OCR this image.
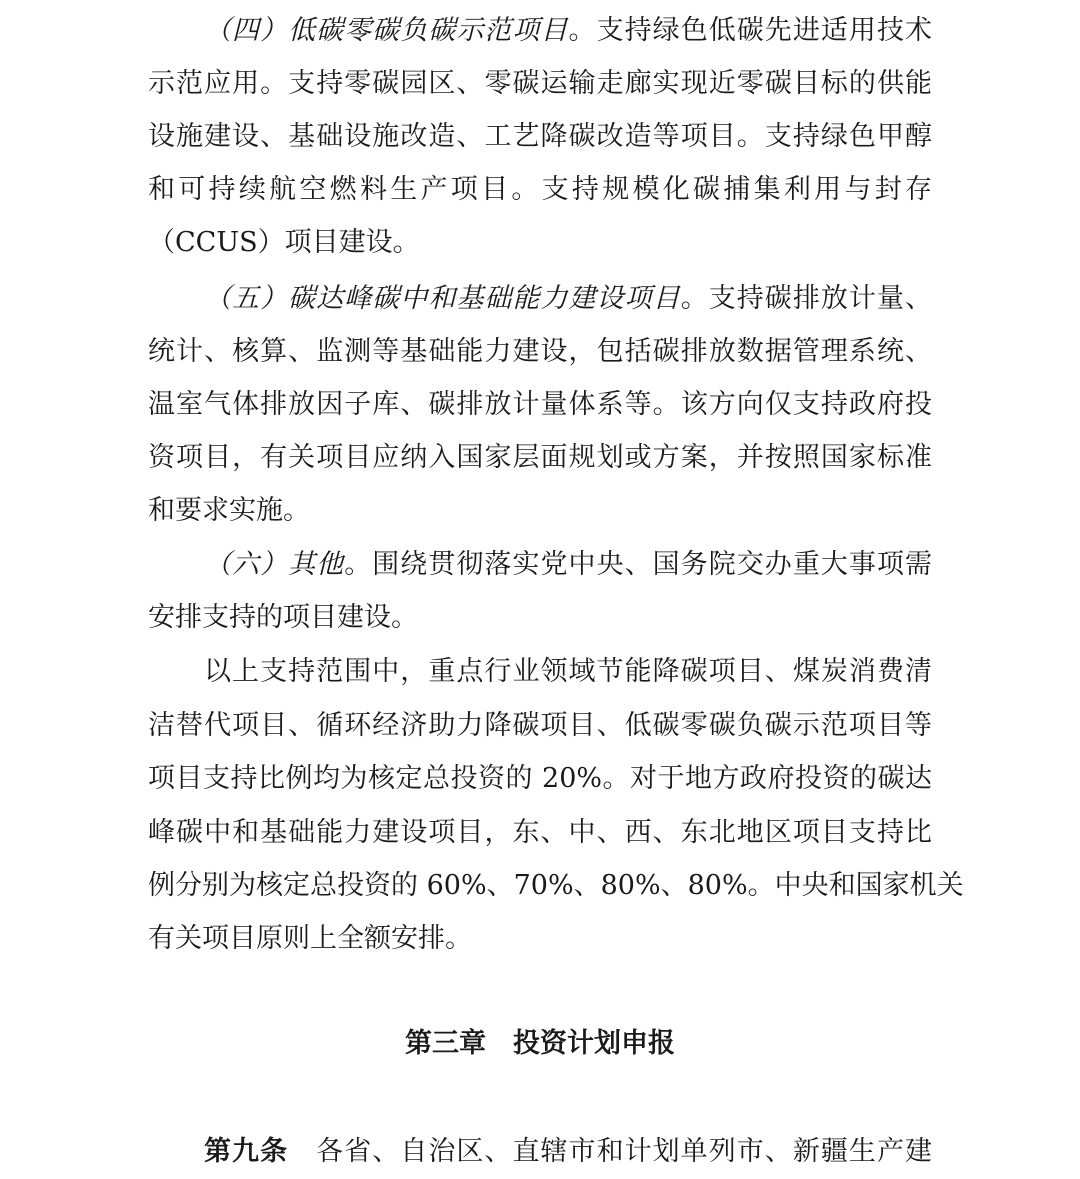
（四）低碳零碳负碳示范项目。支持绿色低碳先进适用技术
示范应用。支持零碳园区、零碳运输走廊实现近零碳目标的供能
设施建设、基础设施改造、工艺降碳改造等项目。支持绿色甲醇
和可持续航空燃料生产项目。支持规模化碳捕集利用与封存
（CCUS）项目建设。
（五）碳达峰碳中和基础能力建设项目。支持碳排放计量、
统计、核算、监测等基础能力建设，包括碳排放数据管理系统、
温室气体排放因子库、碳排放计量体系等。该方向仅支持政府投
资项目，有关项目应纳入国家层面规划或方案，并按照国家标准
和要求实施。
（六）其他。围绕贯彻落实党中央、国务院交办重大事项需
安排支持的项目建设。
以上支持范围中，重点行业领域节能降碳项目、煤炭消费清
洁替代项目、循环经济助力降碳项目、低碳零碳负碳示范项目等
项目支持比例均为核定总投资的 20%。对于地方政府投资的碳达
峰碳中和基础能力建设项目，东、中、西、东北地区项目支持比
例分别为核定总投资的 60%、70%、80%、80%。中央和国家机关
有关项目原则上全额安排。
第三章　投资计划申报
第九条　各省、自治区、直辖市和计划单列市、新疆生产建
